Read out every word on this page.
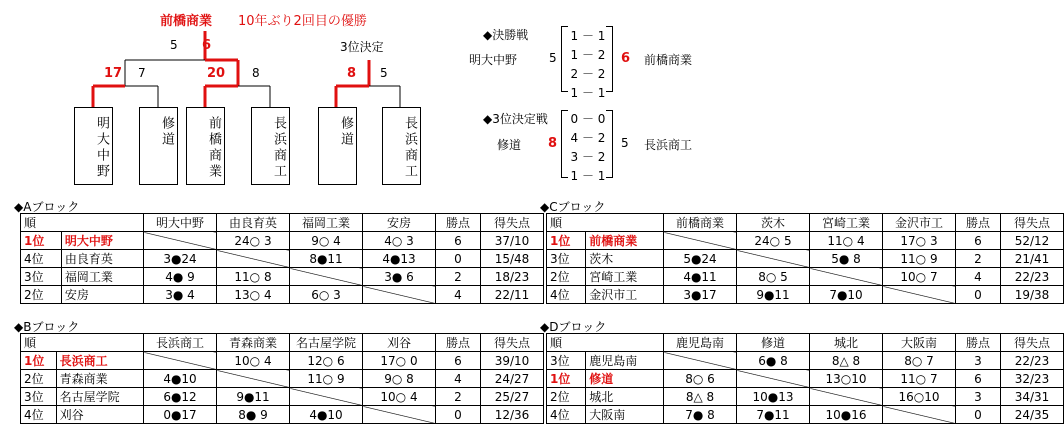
前橋商業 10年ぶり2回目の優勝
5 6
17 7	20 8
3位決定
8 5
明大中野	修道	前橋商業	長浜商工	修道	長浜商工
◆決勝戦
明大中野	5
1 － 1
1 － 2
2 － 2
1 － 1
6 前橋商業
◆3位決定戦
修道 8
0 － 0
4 － 2
3 － 2
1 － 1
5 長浜商工
◆Aブロック
順		明大中野	由良育英	福岡工業	安房	勝点	得失点
1位	明大中野		24○ 3	9○ 4	4○ 3	6	37/10
4位	由良育英	3●24		8●11	4●13	0	15/48
3位	福岡工業	4● 9	11○ 8		3● 6	2	18/23
2位	安房	3● 4	13○ 4	6○ 3		4	22/11
◆Cブロック
順		前橋商業	茨木	宮崎工業	金沢市工	勝点	得失点
1位	前橋商業		24○ 5	11○ 4	17○ 3	6	52/12
3位	茨木	5●24		5● 8	11○ 9	2	21/41
2位	宮崎工業	4●11	8○ 5		10○ 7	4	22/23
4位	金沢市工	3●17	9●11	7●10		0	19/38
◆Bブロック
順		長浜商工	青森商業	名古屋学院	刈谷	勝点	得失点
1位	長浜商工		10○ 4	12○ 6	17○ 0	6	39/10
2位	青森商業	4●10		11○ 9	9○ 8	4	24/27
3位	名古屋学院	6●12	9●11		10○ 4	2	25/27
4位	刈谷	0●17	8● 9	4●10		0	12/36
◆Dブロック
順		鹿児島南	修道	城北	大阪南	勝点	得失点
3位	鹿児島南		6● 8	8△ 8	8○ 7	3	22/23
1位	修道	8○ 6		13○10	11○ 7	6	32/23
2位	城北	8△ 8	10●13		16○10	3	34/31
4位	大阪南	7● 8	7●11	10●16		0	24/35
